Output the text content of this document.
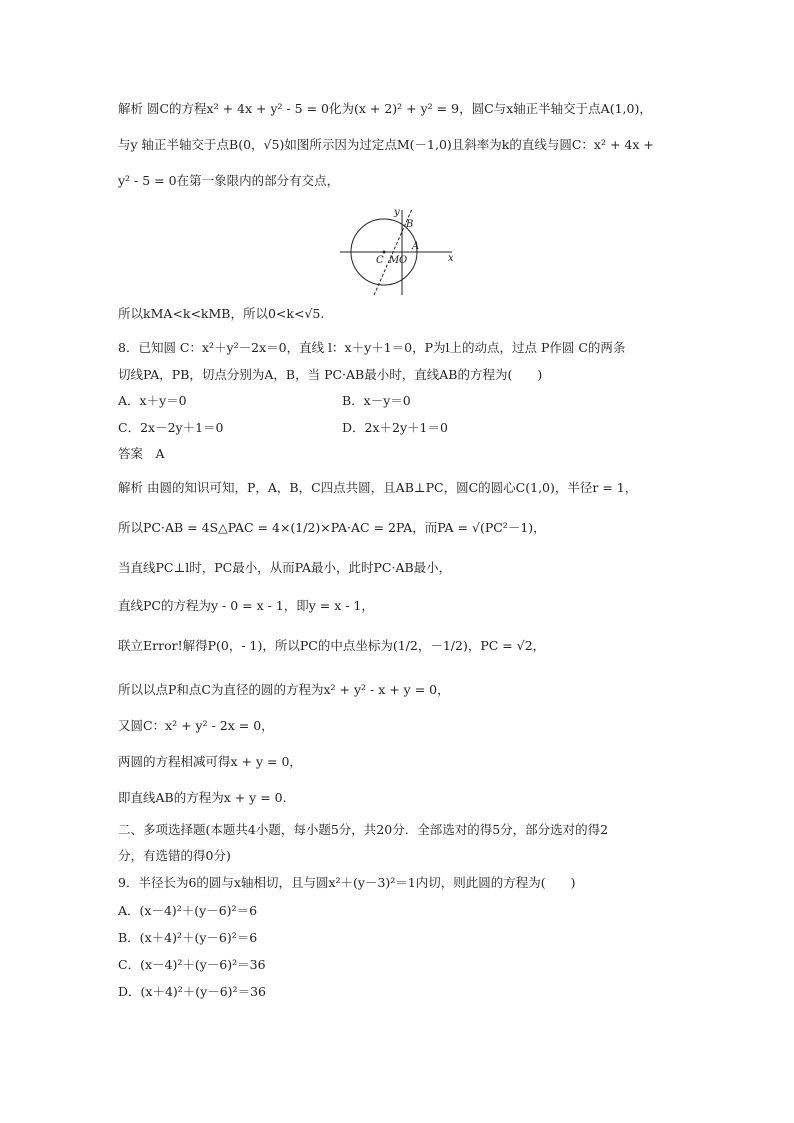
解析 圆C的方程x² + 4x + y² - 5 = 0化为(x + 2)² + y² = 9，圆C与x轴正半轴交于点A(1,0)，
与y 轴正半轴交于点B(0，√5)如图所示因为过定点M(－1,0)且斜率为k的直线与圆C：x² + 4x +
y² - 5 = 0在第一象限内的部分有交点，
y
B
A
C M O	x
所以kMA<k<kMB，所以0<k<√5.
8．已知圆 C：x²＋y²－2x＝0，直线 l：x＋y＋1＝0，P为l上的动点，过点 P作圆 C的两条
切线PA，PB，切点分别为A，B，当 PC·AB最小时，直线AB的方程为(　　)
A．x＋y＝0	B．x－y＝0
C．2x－2y＋1＝0	D．2x＋2y＋1＝0
答案　A
解析 由圆的知识可知，P，A，B，C四点共圆，且AB⊥PC，圆C的圆心C(1,0)，半径r = 1，
所以PC·AB = 4S△PAC = 4×(1/2)×PA·AC = 2PA，而PA = √(PC²－1)，
当直线PC⊥l时，PC最小，从而PA最小，此时PC·AB最小，
直线PC的方程为y - 0 = x - 1，即y = x - 1，
联立Error!解得P(0，- 1)，所以PC的中点坐标为(1/2，－1/2)，PC = √2，
所以以点P和点C为直径的圆的方程为x² + y² - x + y = 0，
又圆C：x² + y² - 2x = 0，
两圆的方程相减可得x + y = 0，
即直线AB的方程为x + y = 0.
二、多项选择题(本题共4小题，每小题5分，共20分．全部选对的得5分，部分选对的得2
分，有选错的得0分)
9．半径长为6的圆与x轴相切，且与圆x²＋(y－3)²＝1内切，则此圆的方程为(　　)
A．(x－4)²＋(y－6)²＝6
B．(x＋4)²＋(y－6)²＝6
C．(x－4)²＋(y－6)²＝36
D．(x＋4)²＋(y－6)²＝36
